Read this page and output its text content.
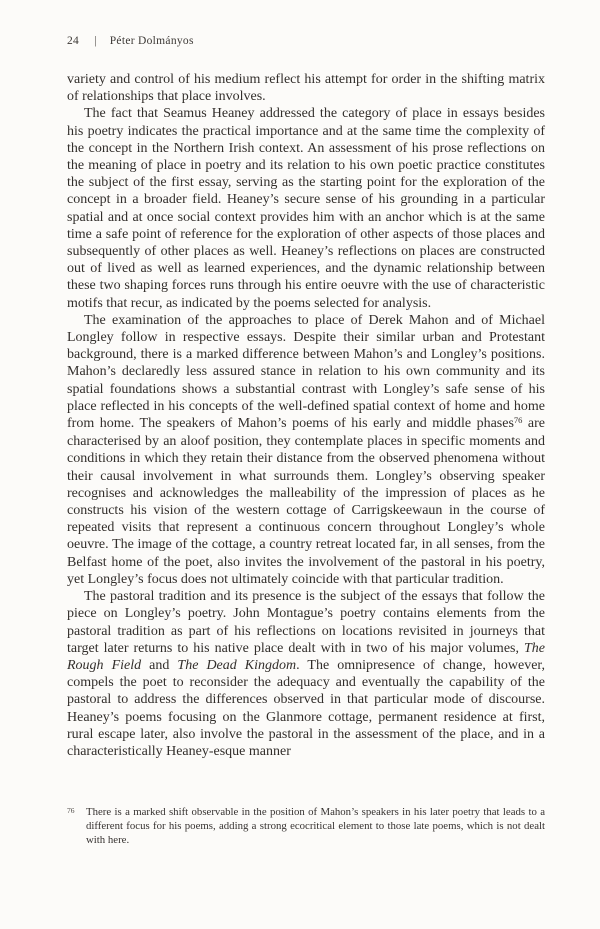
24 | Péter Dolmányos

variety and control of his medium reflect his attempt for order in the shifting matrix of relationships that place involves.

The fact that Seamus Heaney addressed the category of place in essays besides his poetry indicates the practical importance and at the same time the complexity of the concept in the Northern Irish context. An assessment of his prose reflections on the meaning of place in poetry and its relation to his own poetic practice constitutes the subject of the first essay, serving as the starting point for the exploration of the concept in a broader field. Heaney’s secure sense of his grounding in a particular spatial and at once social context provides him with an anchor which is at the same time a safe point of reference for the exploration of other aspects of those places and subsequently of other places as well. Heaney’s reflections on places are constructed out of lived as well as learned experiences, and the dynamic relationship between these two shaping forces runs through his entire oeuvre with the use of characteristic motifs that recur, as indicated by the poems selected for analysis.

The examination of the approaches to place of Derek Mahon and of Michael Longley follow in respective essays. Despite their similar urban and Protestant background, there is a marked difference between Mahon’s and Longley’s positions. Mahon’s declaredly less assured stance in relation to his own community and its spatial foundations shows a substantial contrast with Longley’s safe sense of his place reflected in his concepts of the well-defined spatial context of home and home from home. The speakers of Mahon’s poems of his early and middle phases$^{76}$ are characterised by an aloof position, they contemplate places in specific moments and conditions in which they retain their distance from the observed phenomena without their causal involvement in what surrounds them. Longley’s observing speaker recognises and acknowledges the malleability of the impression of places as he constructs his vision of the western cottage of Carrigskeewaun in the course of repeated visits that represent a continuous concern throughout Longley’s whole oeuvre. The image of the cottage, a country retreat located far, in all senses, from the Belfast home of the poet, also invites the involvement of the pastoral in his poetry, yet Longley’s focus does not ultimately coincide with that particular tradition.

The pastoral tradition and its presence is the subject of the essays that follow the piece on Longley’s poetry. John Montague’s poetry contains elements from the pastoral tradition as part of his reflections on locations revisited in journeys that target later returns to his native place dealt with in two of his major volumes, The Rough Field and The Dead Kingdom. The omnipresence of change, however, compels the poet to reconsider the adequacy and eventually the capability of the pastoral to address the differences observed in that particular mode of discourse. Heaney’s poems focusing on the Glanmore cottage, permanent residence at first, rural escape later, also involve the pastoral in the assessment of the place, and in a characteristically Heaney-esque manner

76	There is a marked shift observable in the position of Mahon’s speakers in his later poetry that leads to a different focus for his poems, adding a strong ecocritical element to those late poems, which is not dealt with here.
